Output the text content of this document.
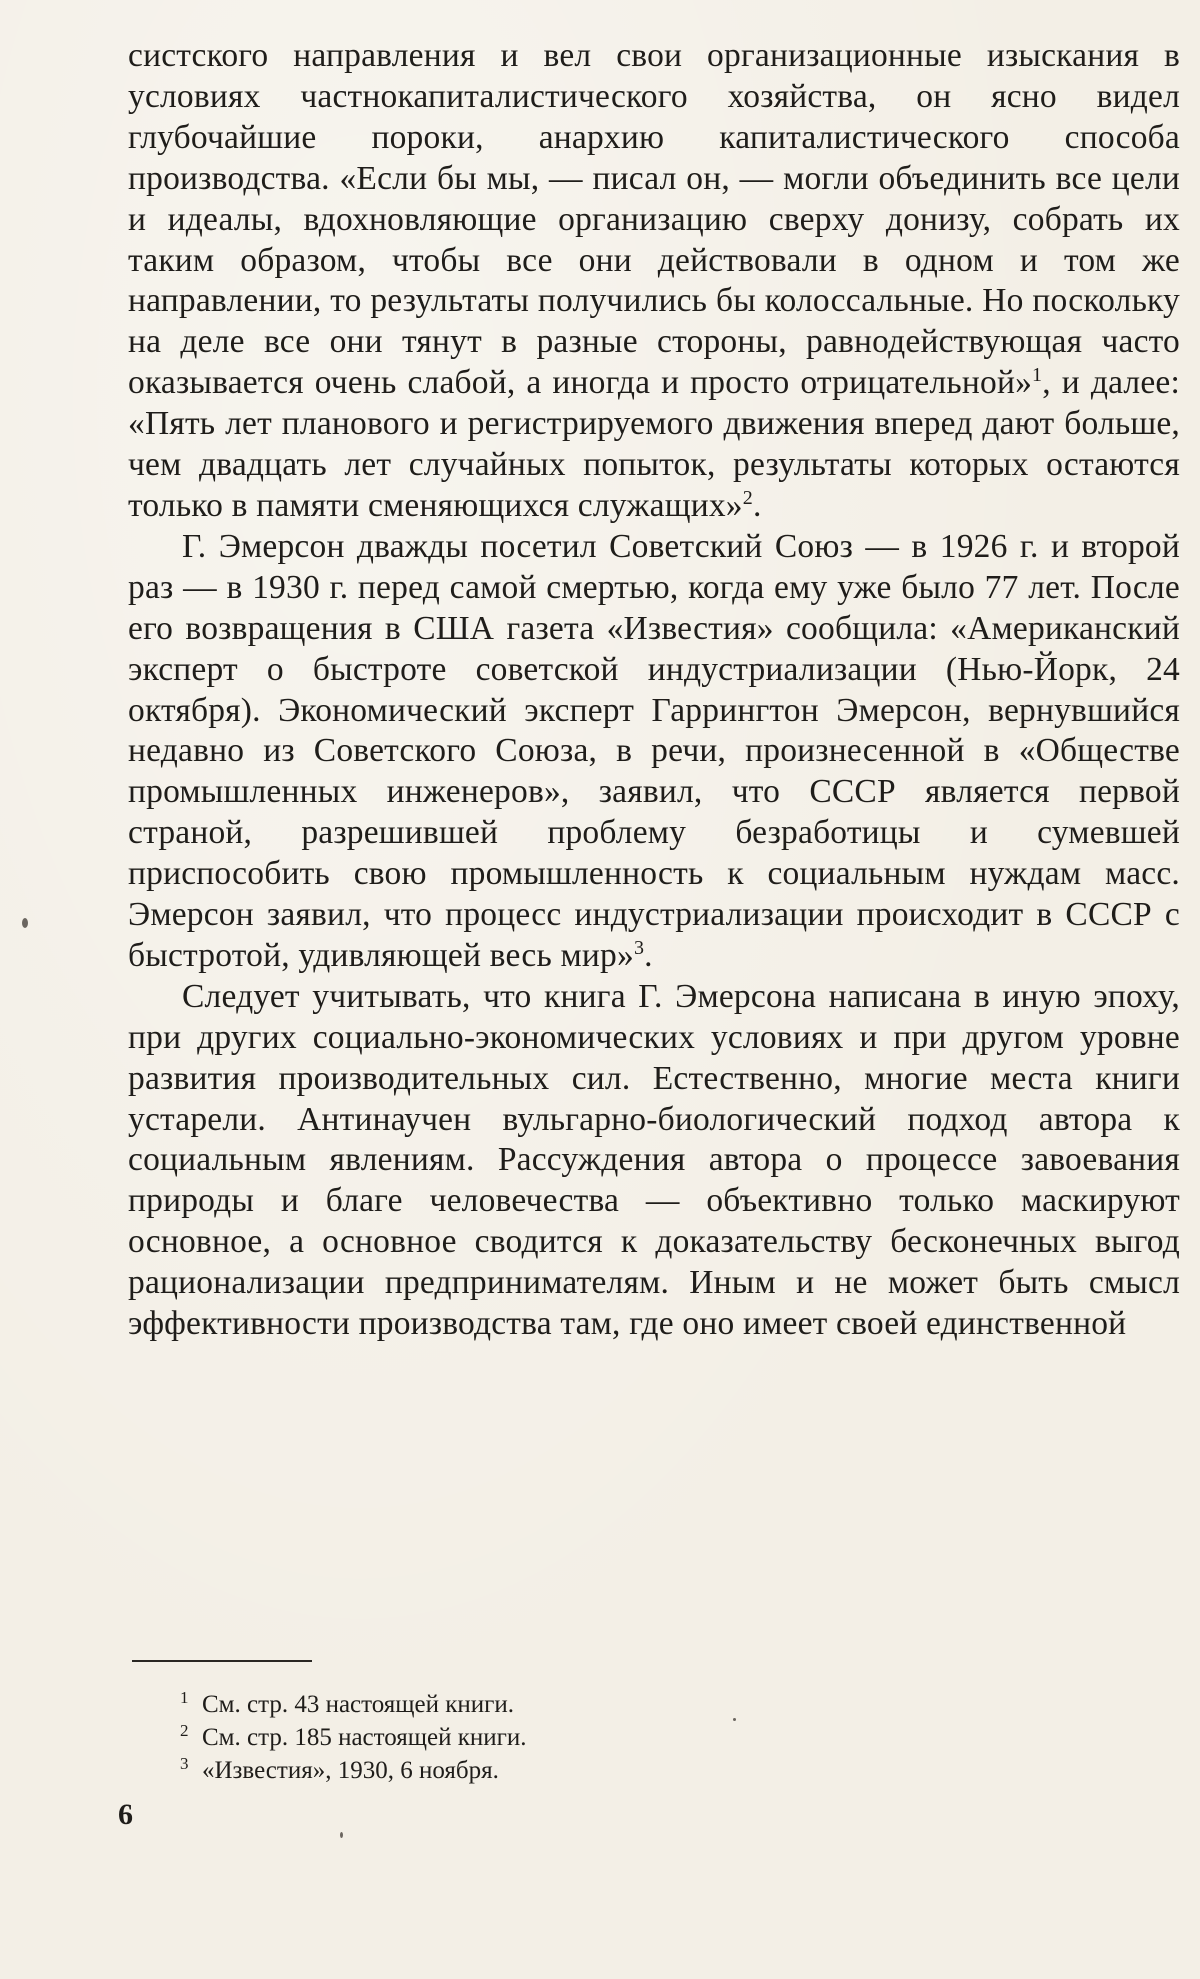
систского направления и вел свои организационные изыскания в условиях частнокапиталистического хозяйства, он ясно видел глубочайшие пороки, анархию капиталистического способа производства. «Если бы мы, — писал он, — могли объединить все цели и идеалы, вдохновляющие организацию сверху донизу, собрать их таким образом, чтобы все они действовали в одном и том же направлении, то результаты получились бы колоссальные. Но поскольку на деле все они тянут в разные стороны, равнодействующая часто оказывается очень слабой, а иногда и просто отрицательной»$^1$, и далее: «Пять лет планового и регистрируемого движения вперед дают больше, чем двадцать лет случайных попыток, результаты которых остаются только в памяти сменяющихся служащих»$^2$.

Г. Эмерсон дважды посетил Советский Союз — в 1926 г. и второй раз — в 1930 г. перед самой смертью, когда ему уже было 77 лет. После его возвращения в США газета «Известия» сообщила: «Американский эксперт о быстроте советской индустриализации (Нью-Йорк, 24 октября). Экономический эксперт Гаррингтон Эмерсон, вернувшийся недавно из Советского Союза, в речи, произнесенной в «Обществе промышленных инженеров», заявил, что СССР является первой страной, разрешившей проблему безработицы и сумевшей приспособить свою промышленность к социальным нуждам масс. Эмерсон заявил, что процесс индустриализации происходит в СССР с быстротой, удивляющей весь мир»$^3$.

Следует учитывать, что книга Г. Эмерсона написана в иную эпоху, при других социально-экономических условиях и при другом уровне развития производительных сил. Естественно, многие места книги устарели. Антинаучен вульгарно-биологический подход автора к социальным явлениям. Рассуждения автора о процессе завоевания природы и благе человечества — объективно только маскируют основное, а основное сводится к доказательству бесконечных выгод рационализации предпринимателям. Иным и не может быть смысл эффективности производства там, где оно имеет своей единственной

1 См. стр. 43 настоящей книги.

2 См. стр. 185 настоящей книги.

3 «Известия», 1930, 6 ноября.

6
